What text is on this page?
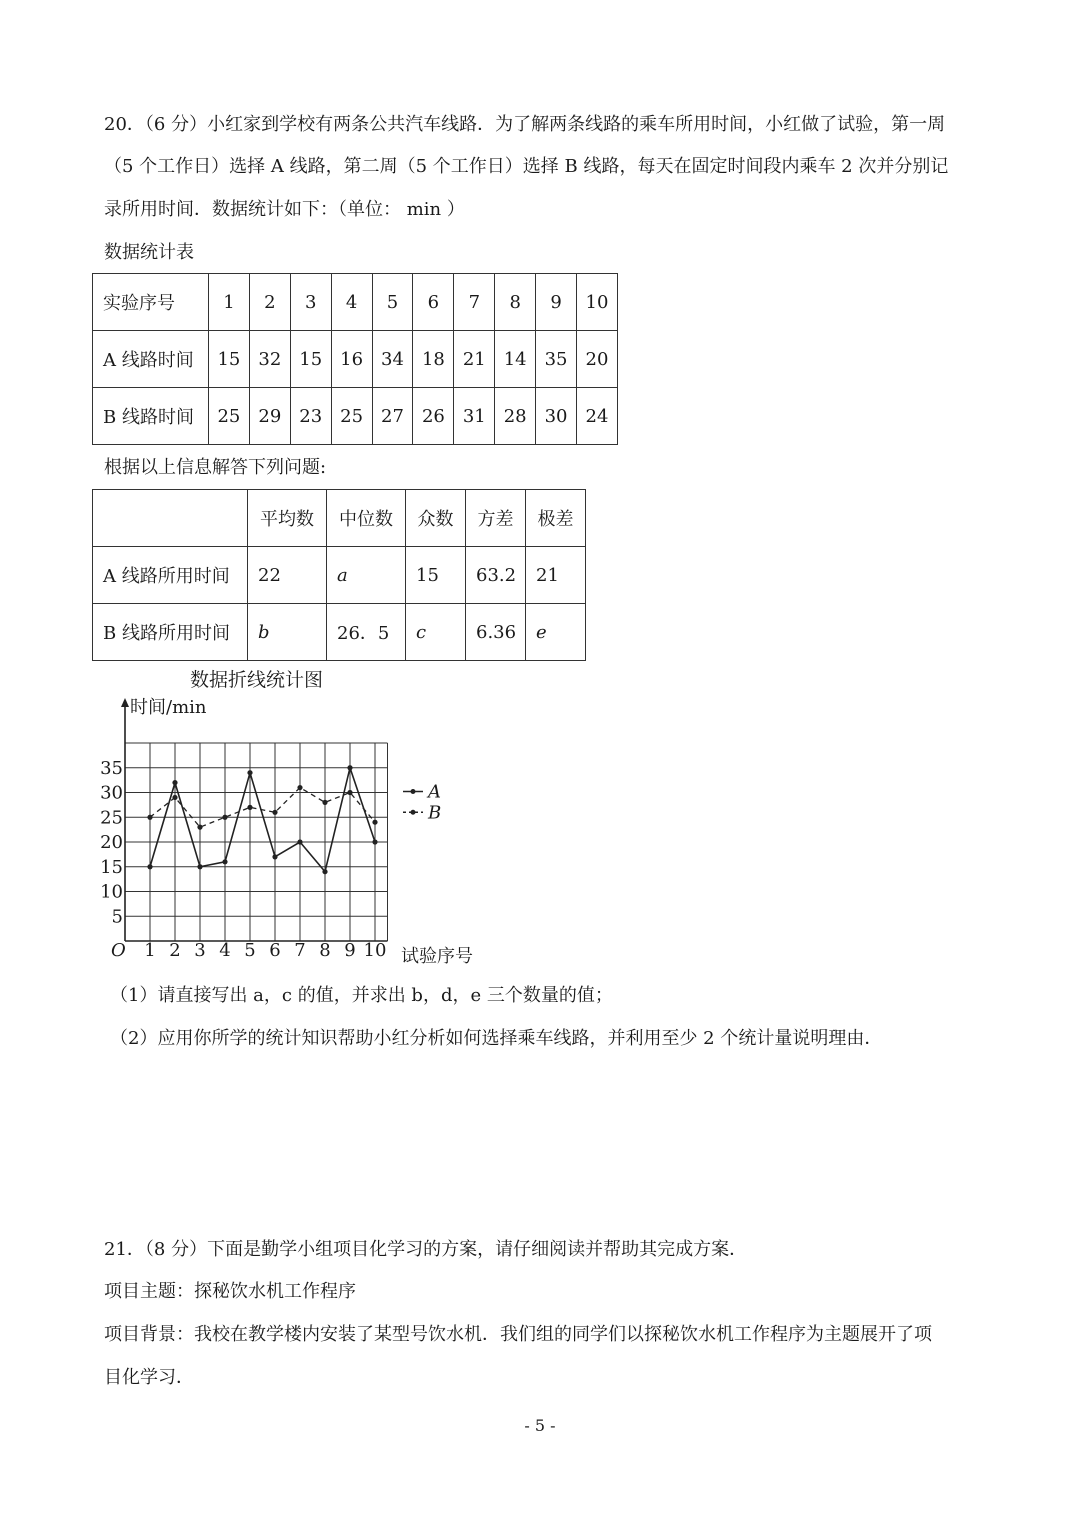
20．（6 分）小红家到学校有两条公共汽车线路．为了解两条线路的乘车所用时间，小红做了试验，第一周
（5 个工作日）选择 A 线路，第二周（5 个工作日）选择 B 线路，每天在固定时间段内乘车 2 次并分别记
录所用时间．数据统计如下：（单位： min ）
数据统计表
实验序号	1	2	3	4	5	6	7	8	9	10
A 线路时间	15	32	15	16	34	18	21	14	35	20
B 线路时间	25	29	23	25	27	26	31	28	30	24
根据以上信息解答下列问题:
	平均数	中位数	众数	方差	极差
A 线路所用时间	22	a	15	63.2	21
B 线路所用时间	b	26．5	c	6.36	e
数据折线统计图
时间/min
试验序号
O 1 2 3 4 5 6 7 8 9 10
5
10
15
20
25
30
35
A
B
（1）请直接写出 a，c 的值，并求出 b，d，e 三个数量的值；
（2）应用你所学的统计知识帮助小红分析如何选择乘车线路，并利用至少 2 个统计量说明理由．
21．（8 分）下面是勤学小组项目化学习的方案，请仔细阅读并帮助其完成方案．
项目主题：探秘饮水机工作程序
项目背景：我校在教学楼内安装了某型号饮水机．我们组的同学们以探秘饮水机工作程序为主题展开了项
目化学习．
- 5 -
